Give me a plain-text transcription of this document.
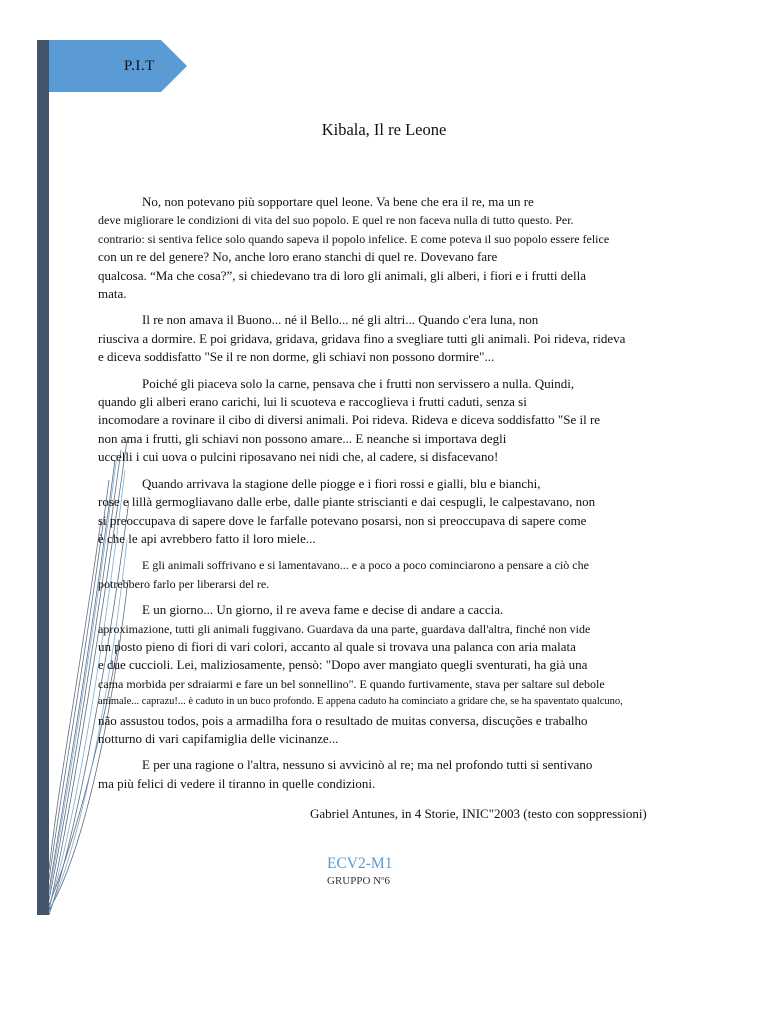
P.I.T
Kibala, Il re Leone
No, non potevano più sopportare quel leone. Va bene che era il re, ma un re
deve migliorare le condizioni di vita del suo popolo. E quel re non faceva nulla di tutto questo. Per.
contrario: si sentiva felice solo quando sapeva il popolo infelice. E come poteva il suo popolo essere felice
con un re del genere? No, anche loro erano stanchi di quel re. Dovevano fare
qualcosa. “Ma che cosa?”, si chiedevano tra di loro gli animali, gli alberi, i fiori e i frutti della
mata.
Il re non amava il Buono... né il Bello... né gli altri... Quando c'era luna, non
riusciva a dormire. E poi gridava, gridava, gridava fino a svegliare tutti gli animali. Poi rideva, rideva
e diceva soddisfatto "Se il re non dorme, gli schiavi non possono dormire"...
Poiché gli piaceva solo la carne, pensava che i frutti non servissero a nulla. Quindi,
quando gli alberi erano carichi, lui li scuoteva e raccoglieva i frutti caduti, senza si
incomodare a rovinare il cibo di diversi animali. Poi rideva. Rideva e diceva soddisfatto "Se il re
non ama i frutti, gli schiavi non possono amare... E neanche si importava degli
uccelli i cui uova o pulcini riposavano nei nidi che, al cadere, si disfacevano!
Quando arrivava la stagione delle piogge e i fiori rossi e gialli, blu e bianchi,
rose e lillà germogliavano dalle erbe, dalle piante striscianti e dai cespugli, le calpestavano, non
si preoccupava di sapere dove le farfalle potevano posarsi, non si preoccupava di sapere come
è che le api avrebbero fatto il loro miele...
E gli animali soffrivano e si lamentavano... e a poco a poco cominciarono a pensare a ciò che
potrebbero farlo per liberarsi del re.
E un giorno... Un giorno, il re aveva fame e decise di andare a caccia.
aproximazione, tutti gli animali fuggivano. Guardava da una parte, guardava dall'altra, finché non vide
un posto pieno di fiori di vari colori, accanto al quale si trovava una palanca con aria malata
e due cuccioli. Lei, maliziosamente, pensò: "Dopo aver mangiato quegli sventurati, ha già una
cama morbida per sdraiarmi e fare un bel sonnellino". E quando furtivamente, stava per saltare sul debole
animale... caprazu!... è caduto in un buco profondo. E appena caduto ha cominciato a gridare che, se ha spaventato qualcuno,
não assustou todos, pois a armadilha fora o resultado de muitas conversa, discuções e trabalho
notturno di vari capifamiglia delle vicinanze...
E per una ragione o l'altra, nessuno si avvicinò al re; ma nel profondo tutti si sentivano
ma più felici di vedere il tiranno in quelle condizioni.
Gabriel Antunes, in 4 Storie, INIC"2003 (testo con soppressioni)
ECV2-M1
GRUPPO Nº6
